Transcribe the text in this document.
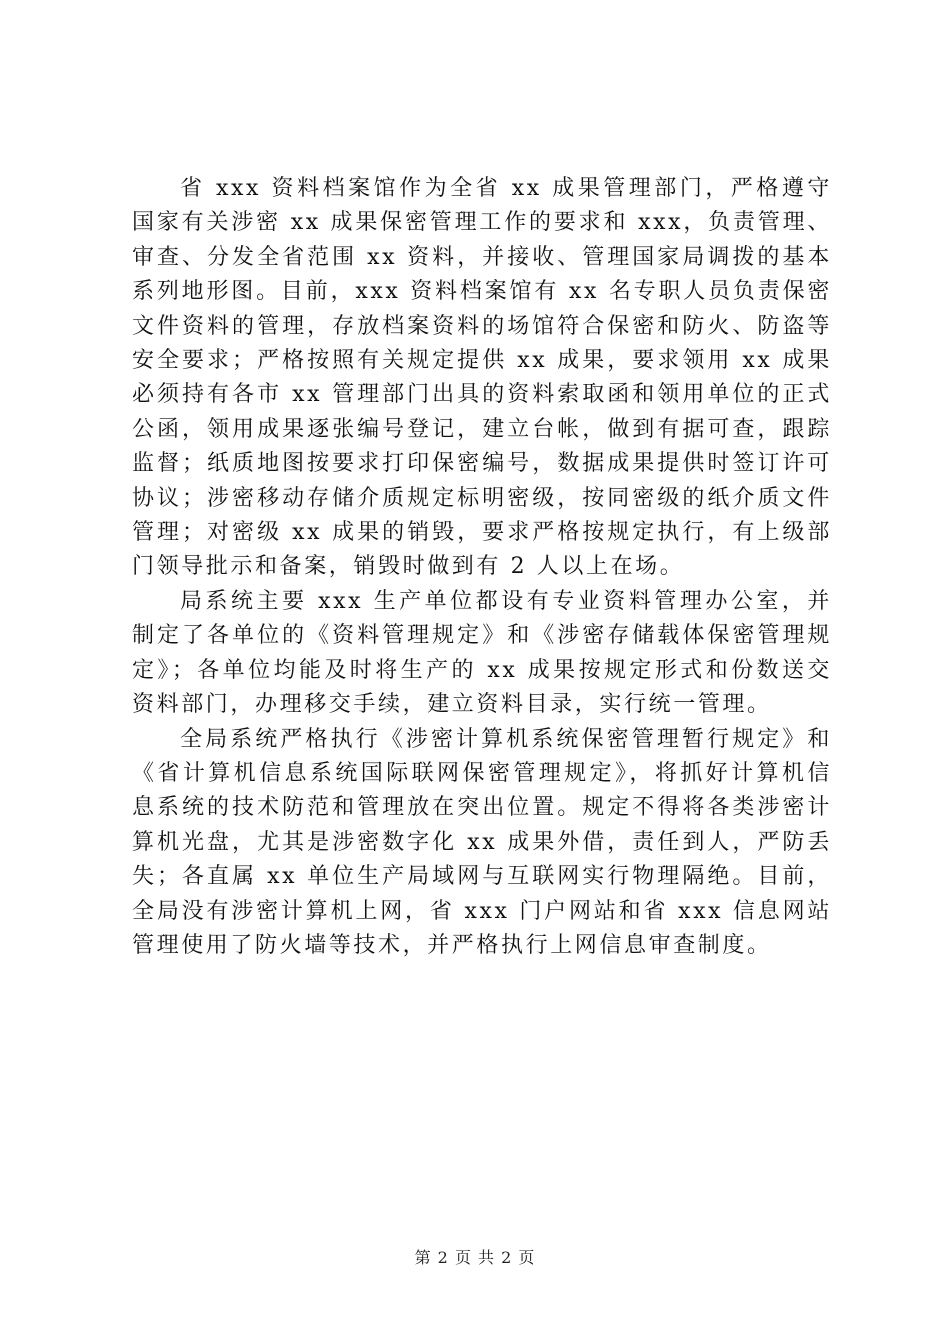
省 xxx 资料档案馆作为全省 xx 成果管理部门，严格遵守国家有关涉密 xx 成果保密管理工作的要求和 xxx，负责管理、审查、分发全省范围 xx 资料，并接收、管理国家局调拨的基本系列地形图。目前，xxx 资料档案馆有 xx 名专职人员负责保密文件资料的管理，存放档案资料的场馆符合保密和防火、防盗等安全要求；严格按照有关规定提供 xx 成果，要求领用 xx 成果必须持有各市 xx 管理部门出具的资料索取函和领用单位的正式公函，领用成果逐张编号登记，建立台帐，做到有据可查，跟踪监督；纸质地图按要求打印保密编号，数据成果提供时签订许可协议；涉密移动存储介质规定标明密级，按同密级的纸介质文件管理；对密级 xx 成果的销毁，要求严格按规定执行，有上级部门领导批示和备案，销毁时做到有 2 人以上在场。

局系统主要 xxx 生产单位都设有专业资料管理办公室，并制定了各单位的《资料管理规定》和《涉密存储载体保密管理规定》；各单位均能及时将生产的 xx 成果按规定形式和份数送交资料部门，办理移交手续，建立资料目录，实行统一管理。

全局系统严格执行《涉密计算机系统保密管理暂行规定》和《省计算机信息系统国际联网保密管理规定》，将抓好计算机信息系统的技术防范和管理放在突出位置。规定不得将各类涉密计算机光盘，尤其是涉密数字化 xx 成果外借，责任到人，严防丢失；各直属 xx 单位生产局域网与互联网实行物理隔绝。目前，全局没有涉密计算机上网，省 xxx 门户网站和省 xxx 信息网站管理使用了防火墙等技术，并严格执行上网信息审查制度。

第 2 页 共 2 页
